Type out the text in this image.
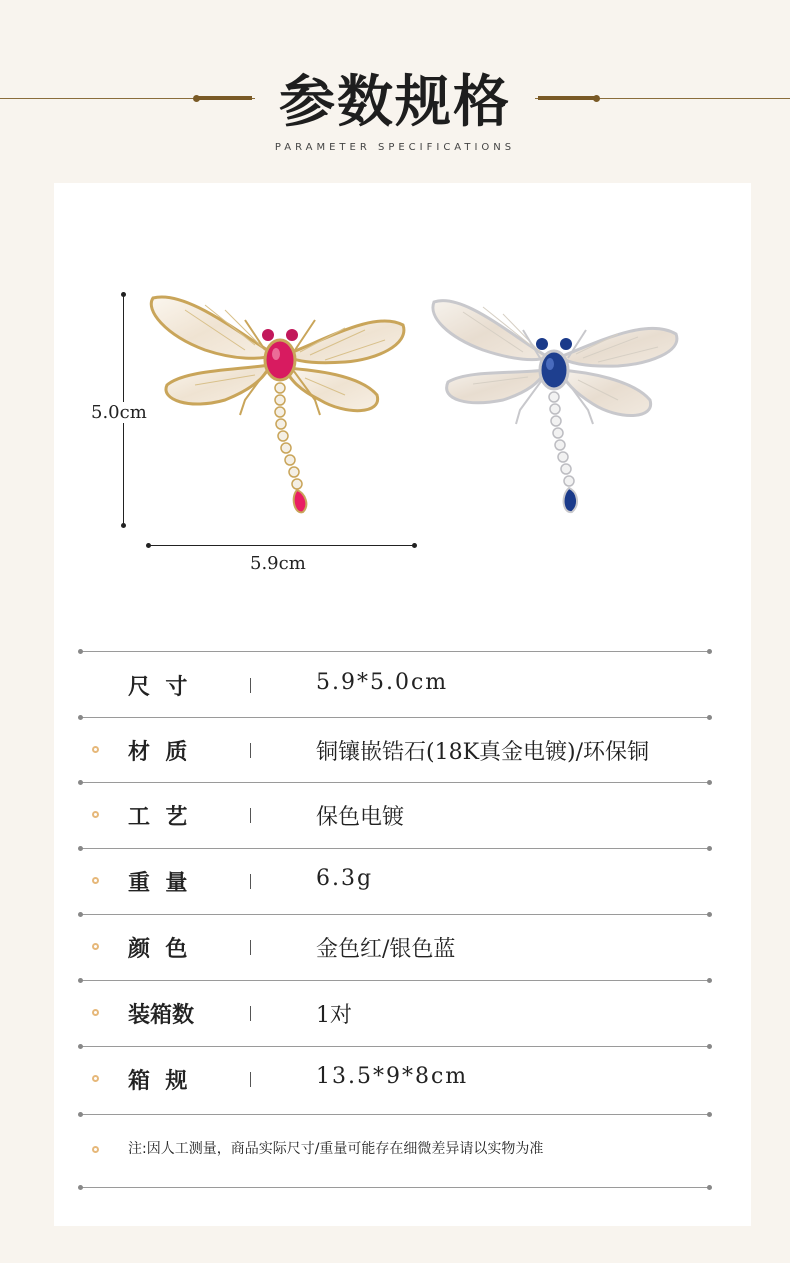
参数规格
PARAMETER SPECIFICATIONS
5.0cm
5.9cm
尺  寸	5.9*5.0cm
材  质	铜镶嵌锆石(18K真金电镀)/环保铜
工  艺	保色电镀
重  量	6.3g
颜  色	金色红/银色蓝
装箱数	1对
箱  规	13.5*9*8cm
注:因人工测量，商品实际尺寸/重量可能存在细微差异请以实物为准
